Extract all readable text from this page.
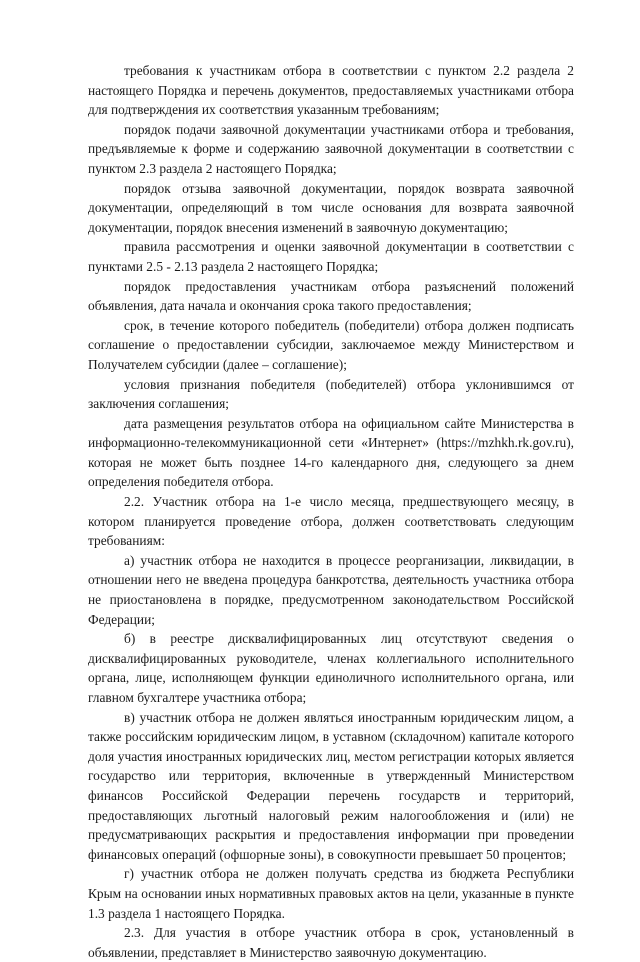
требования к участникам отбора в соответствии с пунктом 2.2 раздела 2 настоящего Порядка и перечень документов, предоставляемых участниками отбора для подтверждения их соответствия указанным требованиям;

порядок подачи заявочной документации участниками отбора и требования, предъявляемые к форме и содержанию заявочной документации в соответствии с пунктом 2.3 раздела 2 настоящего Порядка;

порядок отзыва заявочной документации, порядок возврата заявочной документации, определяющий в том числе основания для возврата заявочной документации, порядок внесения изменений в заявочную документацию;

правила рассмотрения и оценки заявочной документации в соответствии с пунктами 2.5 - 2.13 раздела 2 настоящего Порядка;

порядок предоставления участникам отбора разъяснений положений объявления, дата начала и окончания срока такого предоставления;

срок, в течение которого победитель (победители) отбора должен подписать соглашение о предоставлении субсидии, заключаемое между Министерством и Получателем субсидии (далее – соглашение);

условия признания победителя (победителей) отбора уклонившимся от заключения соглашения;

дата размещения результатов отбора на официальном сайте Министерства в информационно-телекоммуникационной сети «Интернет» (https://mzhkh.rk.gov.ru), которая не может быть позднее 14-го календарного дня, следующего за днем определения победителя отбора.

2.2. Участник отбора на 1-е число месяца, предшествующего месяцу, в котором планируется проведение отбора, должен соответствовать следующим требованиям:

а) участник отбора не находится в процессе реорганизации, ликвидации, в отношении него не введена процедура банкротства, деятельность участника отбора не приостановлена в порядке, предусмотренном законодательством Российской Федерации;

б) в реестре дисквалифицированных лиц отсутствуют сведения о дисквалифицированных руководителе, членах коллегиального исполнительного органа, лице, исполняющем функции единоличного исполнительного органа, или главном бухгалтере участника отбора;

в) участник отбора не должен являться иностранным юридическим лицом, а также российским юридическим лицом, в уставном (складочном) капитале которого доля участия иностранных юридических лиц, местом регистрации которых является государство или территория, включенные в утвержденный Министерством финансов Российской Федерации перечень государств и территорий, предоставляющих льготный налоговый режим налогообложения и (или) не предусматривающих раскрытия и предоставления информации при проведении финансовых операций (офшорные зоны), в совокупности превышает 50 процентов;

г) участник отбора не должен получать средства из бюджета Республики Крым на основании иных нормативных правовых актов на цели, указанные в пункте 1.3 раздела 1 настоящего Порядка.

2.3. Для участия в отборе участник отбора в срок, установленный в объявлении, представляет в Министерство заявочную документацию.
